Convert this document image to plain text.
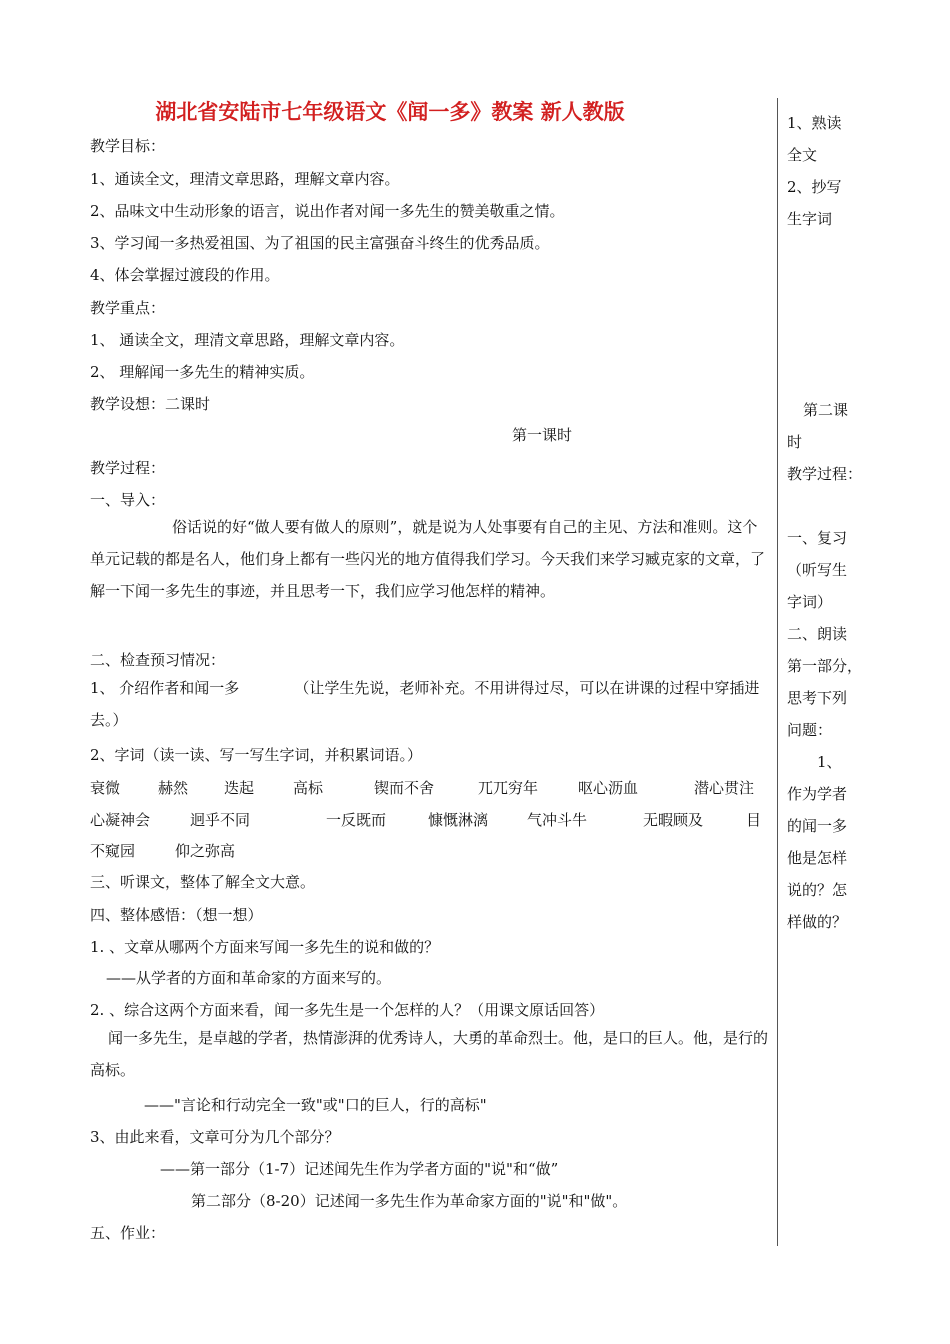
湖北省安陆市七年级语文《闻一多》教案 新人教版
教学目标：
1、通读全文，理清文章思路，理解文章内容。
2、品味文中生动形象的语言，说出作者对闻一多先生的赞美敬重之情。
3、学习闻一多热爱祖国、为了祖国的民主富强奋斗终生的优秀品质。
4、体会掌握过渡段的作用。
教学重点：
1、 通读全文，理清文章思路，理解文章内容。
2、 理解闻一多先生的精神实质。
教学设想：二课时
第一课时
教学过程：
一、导入：
俗话说的好“做人要有做人的原则”，就是说为人处事要有自己的主见、方法和准则。这个单元记载的都是名人，他们身上都有一些闪光的地方值得我们学习。今天我们来学习臧克家的文章，了解一下闻一多先生的事迹，并且思考一下，我们应学习他怎样的精神。
二、检查预习情况：
1、 介绍作者和闻一多	（让学生先说，老师补充。不用讲得过尽，可以在讲课的过程中穿插进去。）
2、字词（读一读、写一写生字词，并积累词语。）
衰微	赫然 迭起	高标	锲而不舍	兀兀穷年	呕心沥血	潜心贯注
心凝神会	迥乎不同	一反既而	慷慨淋漓	气冲斗牛	无暇顾及	目
不窥园	仰之弥高
三、听课文，整体了解全文大意。
四、整体感悟：（想一想）
1. 、文章从哪两个方面来写闻一多先生的说和做的？
——从学者的方面和革命家的方面来写的。
2. 、综合这两个方面来看，闻一多先生是一个怎样的人？（用课文原话回答）
闻一多先生，是卓越的学者，热情澎湃的优秀诗人，大勇的革命烈士。他，是口的巨人。他，是行的高标。
——"言论和行动完全一致"或"口的巨人，行的高标"
3、由此来看，文章可分为几个部分？
——第一部分（1-7）记述闻先生作为学者方面的"说"和“做”
第二部分（8-20）记述闻一多先生作为革命家方面的"说"和"做"。
五、作业：
1、熟读
全文
2、抄写
生字词
第二课
时
教学过程：
一、复习
（听写生
字词）
二、朗读
第一部分，
思考下列
问题：
1、
作为学者
的闻一多
他是怎样
说的？怎
样做的？
